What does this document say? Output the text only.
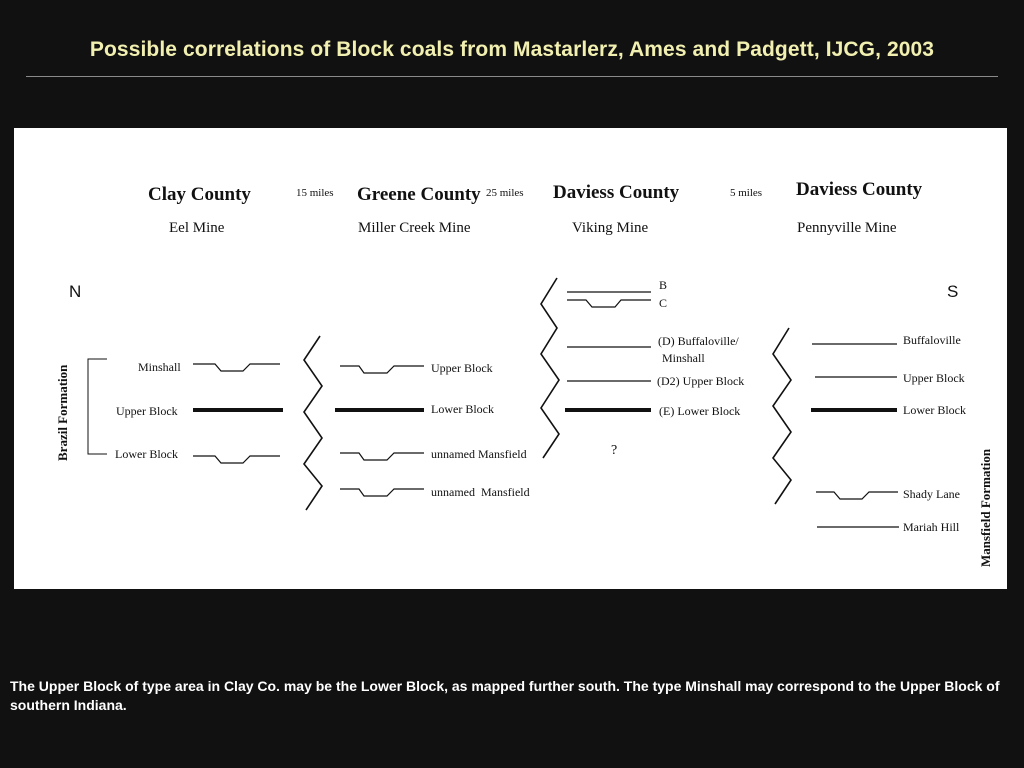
Possible correlations of Block coals from Mastarlerz, Ames and Padgett, IJCG, 2003
Clay County
Eel Mine
15 miles Greene County
Miller Creek Mine
25 miles Daviess County
Viking Mine
5 miles Daviess County
Pennyville Mine
N	S
Brazil Formation	Minshall
Upper Block
Lower Block
Upper Block
Lower Block
unnamed Mansfield
unnamed  Mansfield
B
C
(D) Buffaloville/
Minshall
(D2) Upper Block
(E) Lower Block
?
Buffaloville
Upper Block
Lower Block
Shady Lane
Mariah Hill Mansfield Formation
The Upper Block of type area in Clay Co. may be the Lower Block, as mapped further south. The type Minshall may correspond to the Upper Block of southern Indiana.
